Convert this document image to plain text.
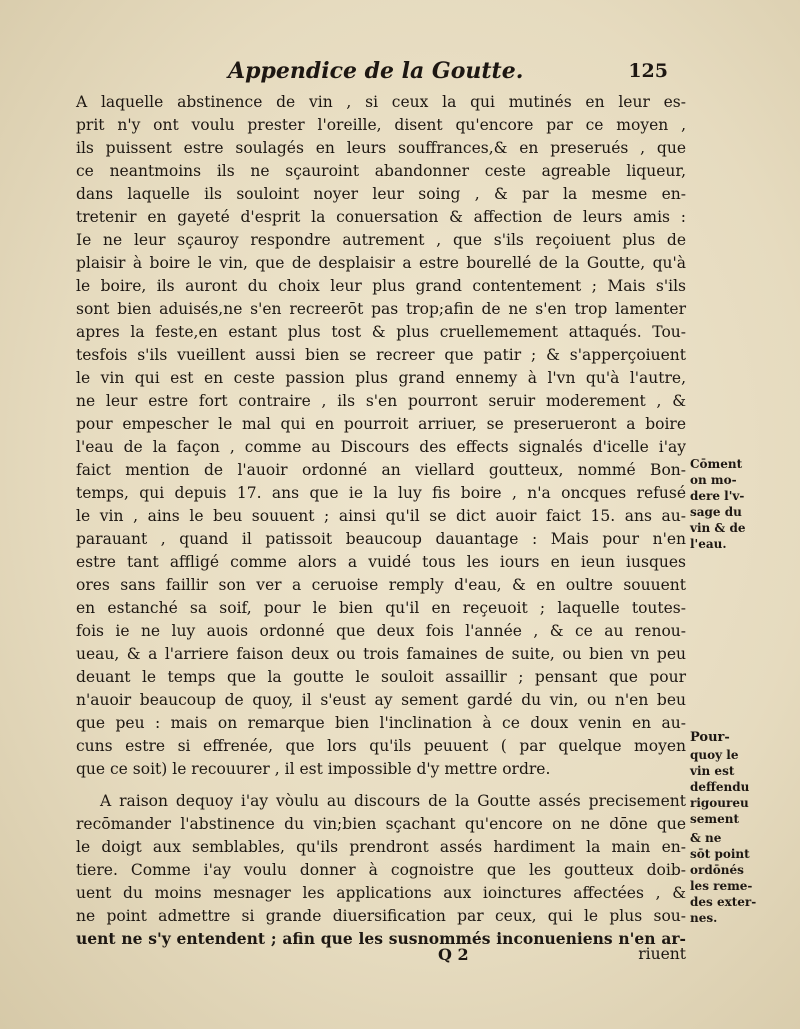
Appendice de la Goutte.	125
A laquelle abstinence de vin , si ceux la qui mutinés en leur es-
prit n'y ont voulu prester l'oreille, disent qu'encore par ce moyen ,
ils puissent estre soulagés en leurs souffrances,& en preserués , que
ce neantmoins ils ne sçauroint abandonner ceste agreable liqueur,
dans laquelle ils souloint noyer leur soing , & par la mesme en-
tretenir en gayeté d'esprit la conuersation & affection de leurs amis :
Ie ne leur sçauroy respondre autrement , que s'ils reçoiuent plus de
plaisir à boire le vin, que de desplaisir a estre bourellé de la Goutte, qu'à
le boire, ils auront du choix leur plus grand contentement ; Mais s'ils
sont bien aduisés,ne s'en recreerōt pas trop;afin de ne s'en trop lamenter
apres la feste,en estant plus tost & plus cruellemement attaqués. Tou-
tesfois s'ils vueillent aussi bien se recreer que patir ; & s'apperçoiuent
le vin qui est en ceste passion plus grand ennemy à l'vn qu'à l'autre,
ne leur estre fort contraire , ils s'en pourront seruir moderement , &
pour empescher le mal qui en pourroit arriuer, se preserueront a boire
l'eau de la façon , comme au Discours des effects signalés d'icelle i'ay
faict mention de l'auoir ordonné an viellard goutteux, nommé Bon-
temps, qui depuis 17. ans que ie la luy fis boire , n'a oncques refusé
le vin , ains le beu souuent ; ainsi qu'il se dict auoir faict 15. ans au-
parauant , quand il patissoit beaucoup dauantage : Mais pour n'en
estre tant affligé comme alors a vuidé tous les iours en ieun iusques
ores sans faillir son ver a ceruoise remply d'eau, & en oultre souuent
en estanché sa soif, pour le bien qu'il en reçeuoit ; laquelle toutes-
fois ie ne luy auois ordonné que deux fois l'année , & ce au renou-
ueau, & a l'arriere faison deux ou trois famaines de suite, ou bien vn peu
deuant le temps que la goutte le souloit assaillir ; pensant que pour
n'auoir beaucoup de quoy, il s'eust ay sement gardé du vin, ou n'en beu
que peu : mais on remarque bien l'inclination à ce doux venin en au-
cuns estre si effrenée, que lors qu'ils peuuent ( par quelque moyen
que ce soit) le recouurer , il est impossible d'y mettre ordre.
A raison dequoy i'ay vòulu au discours de la Goutte assés precisement
recōmander l'abstinence du vin;bien sçachant qu'encore on ne dōne que
le doigt aux semblables, qu'ils prendront assés hardiment la main en-
tiere. Comme i'ay voulu donner à cognoistre que les goutteux doib-
uent du moins mesnager les applications aux ioinctures affectées , &
ne point admettre si grande diuersification par ceux, qui le plus sou-
uent ne s'y entendent ; afin que les susnommés inconueniens n'en ar-
Cōment
on mo-
dere l'v-
sage du
vin & de
l'eau.
Pour-
quoy le
vin est
deffendu
rigoureu
sement
& ne
sōt point
ordōnés
les reme-
des exter-
nes.
Q 2	riuent
